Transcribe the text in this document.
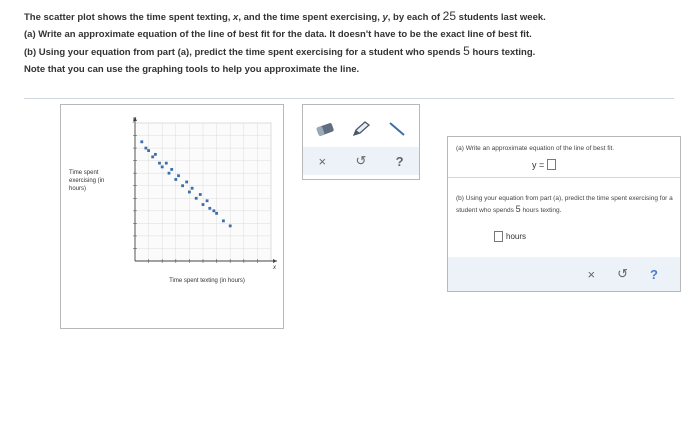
The scatter plot shows the time spent texting, x, and the time spent exercising, y, by each of 25 students last week.
(a) Write an approximate equation of the line of best fit for the data. It doesn't have to be the exact line of best fit.
(b) Using your equation from part (a), predict the time spent exercising for a student who spends 5 hours texting.
Note that you can use the graphing tools to help you approximate the line.
Time spent exercising (in hours)
y
x
Time spent texting (in hours)
×	↺	?
(a) Write an approximate equation of the line of best fit.
y =
(b) Using your equation from part (a), predict the time spent exercising for a student who spends 5 hours texting.
hours
× ↺ ?
